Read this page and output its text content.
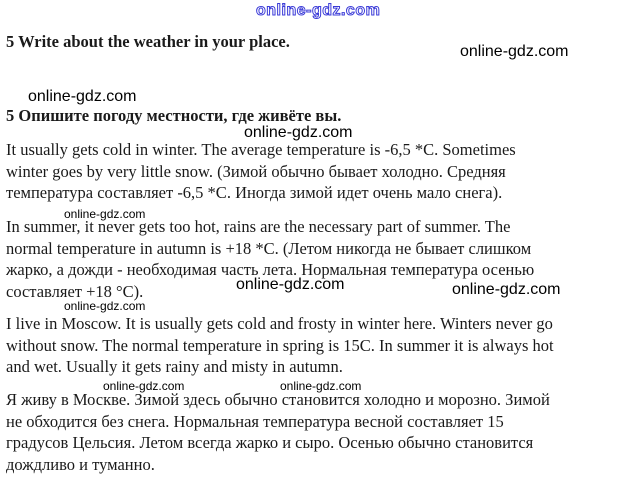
online-gdz.com
5 Write about the weather in your place.
5 Опишите погоду местности, где живёте вы.
It usually gets cold in winter. The average temperature is -6,5 *C. Sometimes
winter goes by very little snow. (Зимой обычно бывает холодно. Средняя
температура составляет -6,5 *С. Иногда зимой идет очень мало снега).
In summer, it never gets too hot, rains are the necessary part of summer. The
normal temperature in autumn is +18 *С. (Летом никогда не бывает слишком
жарко, а дожди - необходимая часть лета. Нормальная температура осенью
составляет +18 °С).
I live in Moscow. It is usually gets cold and frosty in winter here. Winters never go
without snow. The normal temperature in spring is 15C. In summer it is always hot
and wet. Usually it gets rainy and misty in autumn.
Я живу в Москве. Зимой здесь обычно становится холодно и морозно. Зимой
не обходится без снега. Нормальная температура весной составляет 15
градусов Цельсия. Летом всегда жарко и сыро. Осенью обычно становится
дождливо и туманно.
online-gdz.com
online-gdz.com
online-gdz.com
online-gdz.com
online-gdz.com	online-gdz.com
online-gdz.com
online-gdz.com	online-gdz.com
